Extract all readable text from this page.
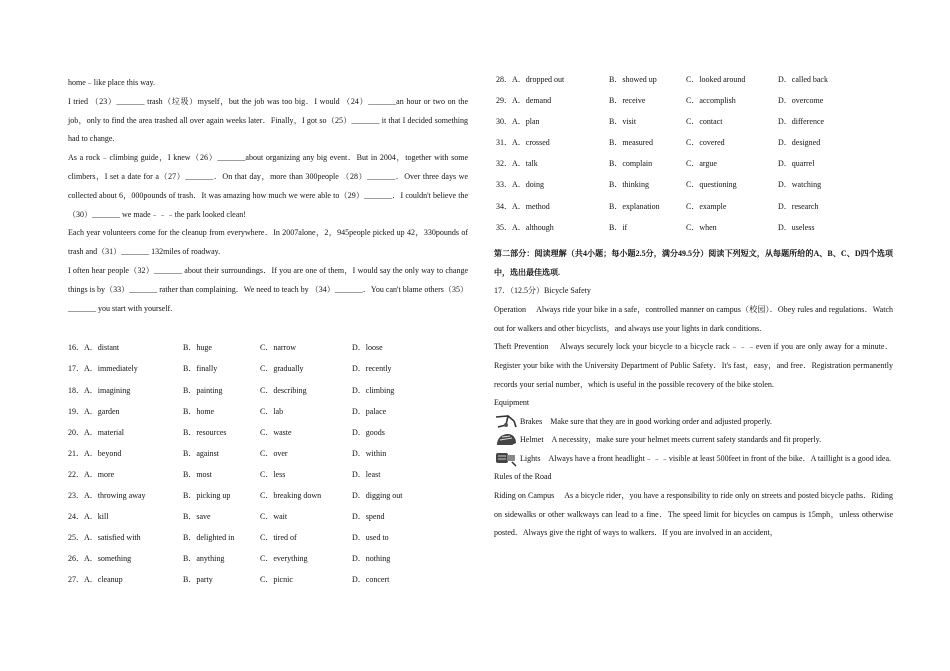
home﹣like place this way.

I tried （23）_______ trash（垃圾）myself，but the job was too big．I would （24）_______an hour or two on the job，only to find the area trashed all over again weeks later．Finally，I got so（25）_______ it that I decided something had to change.

As a rock﹣climbing guide，I knew（26）_______about organizing any big event．But in 2004，together with some climbers，I set a date for a（27）_______．On that day，more than 300people （28）_______．Over three days we collected about 6，000pounds of trash．It was amazing how much we were able to（29）_______．I couldn't believe the（30）_______ we made﹣﹣﹣the park looked clean!

Each year volunteers come for the cleanup from everywhere．In 2007alone，2，945people picked up 42，330pounds of trash and（31）_______ 132miles of roadway.

I often hear people（32）_______ about their surroundings．If you are one of them，I would say the only way to change things is by（33）_______ rather than complaining．We need to teach by （34）_______．You can't blame others（35）_______ you start with yourself.

16．A．distant	B．huge	C．narrow	D．loose
17．A．immediately	B．finally	C．gradually	D．recently
18．A．imagining	B．painting	C．describing	D．climbing
19．A．garden	B．home	C．lab	D．palace
20．A．material	B．resources	C．waste	D．goods
21．A．beyond	B．against	C．over	D．within
22．A．more	B．most	C．less	D．least
23．A．throwing away	B．picking up	C．breaking down	D．digging out
24．A．kill	B．save	C．wait	D．spend
25．A．satisfied with	B．delighted in	C．tired of	D．used to
26．A．something	B．anything	C．everything	D．nothing
27．A．cleanup	B．party	C．picnic	D．concert
28．A．dropped out	B．showed up	C．looked around	D．called back
29．A．demand	B．receive	C．accomplish	D．overcome
30．A．plan	B．visit	C．contact	D．difference
31．A．crossed	B．measured	C．covered	D．designed
32．A．talk	B．complain	C．argue	D．quarrel
33．A．doing	B．thinking	C．questioning	D．watching
34．A．method	B．explanation	C．example	D．research
35．A．although	B．if	C．when	D．useless

第二部分：阅读理解（共4小题；每小题2.5分，满分49.5分）阅读下列短文，从每题所给的A、B、C、D四个选项中，选出最佳选项.

17．（12.5分）Bicycle Safety

Operation　 Always ride your bike in a safe，controlled manner on campus（校园）．Obey rules and regulations．Watch out for walkers and other bicyclists，and always use your lights in dark conditions.

Theft Prevention　 Always securely lock your bicycle to a bicycle rack﹣﹣﹣even if you are only away for a minute．Register your bike with the University Department of Public Safety．It's fast，easy，and free．Registration permanently records your serial number，which is useful in the possible recovery of the bike stolen.

Equipment
Brakes　Make sure that they are in good working order and adjusted properly.
Helmet　A necessity，make sure your helmet meets current safety standards and fit properly.
Lights　Always have a front headlight﹣﹣﹣visible at least 500feet in front of the bike．A taillight is a good idea.
Rules of the Road

Riding on Campus　 As a bicycle rider，you have a responsibility to ride only on streets and posted bicycle paths．Riding on sidewalks or other walkways can lead to a fine．The speed limit for bicycles on campus is 15mph，unless otherwise posted．Always give the right of ways to walkers．If you are involved in an accident，
